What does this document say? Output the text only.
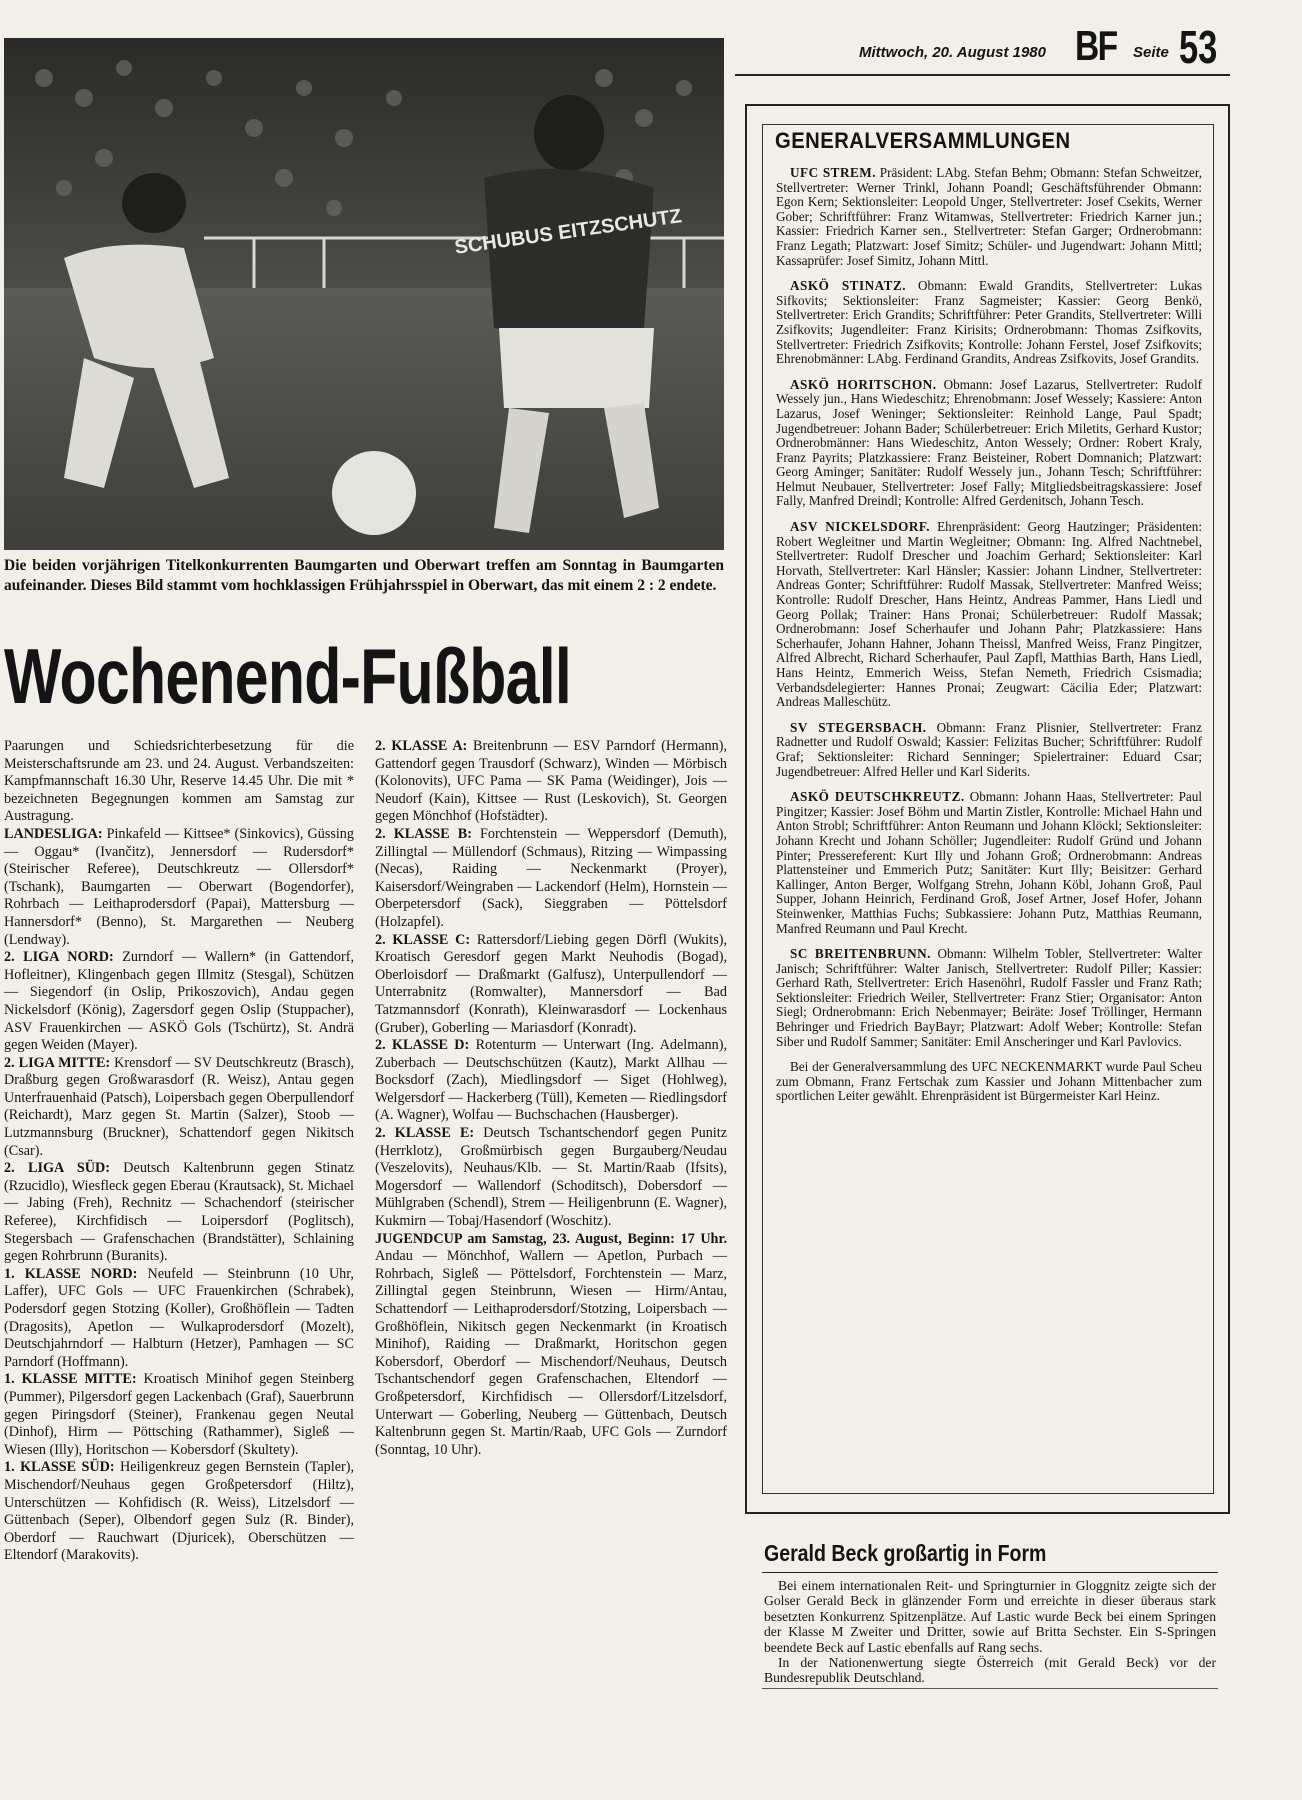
Mittwoch, 20. August 1980 BF Seite 53
SCHUBUS EITZSCHUTZ
Die beiden vorjährigen Titelkonkurrenten Baumgarten und Oberwart treffen am Sonntag in Baumgarten aufeinander. Dieses Bild stammt vom hochklassigen Frühjahrsspiel in Oberwart, das mit einem 2 : 2 endete.
Wochenend-Fußball

Paarungen und Schiedsrichterbesetzung für die Meisterschaftsrunde am 23. und 24. August. Verbandszeiten: Kampfmannschaft 16.30 Uhr, Reserve 14.45 Uhr. Die mit * bezeichneten Begegnungen kommen am Samstag zur Austragung.

LANDESLIGA: Pinkafeld — Kittsee* (Sinkovics), Güssing — Oggau* (Ivančitz), Jennersdorf — Rudersdorf* (Steirischer Referee), Deutschkreutz — Ollersdorf* (Tschank), Baumgarten — Oberwart (Bogendorfer), Rohrbach — Leithaprodersdorf (Papai), Mattersburg — Hannersdorf* (Benno), St. Margarethen — Neuberg (Lendway).

2. LIGA NORD: Zurndorf — Wallern* (in Gattendorf, Hofleitner), Klingenbach gegen Illmitz (Stesgal), Schützen — Siegendorf (in Oslip, Prikoszovich), Andau gegen Nickelsdorf (König), Zagersdorf gegen Oslip (Stuppacher), ASV Frauenkirchen — ASKÖ Gols (Tschürtz), St. Andrä gegen Weiden (Mayer).

2. LIGA MITTE: Krensdorf — SV Deutschkreutz (Brasch), Draßburg gegen Großwarasdorf (R. Weisz), Antau gegen Unterfrauenhaid (Patsch), Loipersbach gegen Oberpullendorf (Reichardt), Marz gegen St. Martin (Salzer), Stoob — Lutzmannsburg (Bruckner), Schattendorf gegen Nikitsch (Csar).

2. LIGA SÜD: Deutsch Kaltenbrunn gegen Stinatz (Rzucidlo), Wiesfleck gegen Eberau (Krautsack), St. Michael — Jabing (Freh), Rechnitz — Schachendorf (steirischer Referee), Kirchfidisch — Loipersdorf (Poglitsch), Stegersbach — Grafenschachen (Brandstätter), Schlaining gegen Rohrbrunn (Buranits).

1. KLASSE NORD: Neufeld — Steinbrunn (10 Uhr, Laffer), UFC Gols — UFC Frauenkirchen (Schrabek), Podersdorf gegen Stotzing (Koller), Großhöflein — Tadten (Dragosits), Apetlon — Wulkaprodersdorf (Mozelt), Deutschjahrndorf — Halbturn (Hetzer), Pamhagen — SC Parndorf (Hoffmann).

1. KLASSE MITTE: Kroatisch Minihof gegen Steinberg (Pummer), Pilgersdorf gegen Lackenbach (Graf), Sauerbrunn gegen Piringsdorf (Steiner), Frankenau gegen Neutal (Dinhof), Hirm — Pöttsching (Rathammer), Sigleß — Wiesen (Illy), Horitschon — Kobersdorf (Skultety).

1. KLASSE SÜD: Heiligenkreuz gegen Bernstein (Tapler), Mischendorf/Neuhaus gegen Großpetersdorf (Hiltz), Unterschützen — Kohfidisch (R. Weiss), Litzelsdorf — Güttenbach (Seper), Olbendorf gegen Sulz (R. Binder), Oberdorf — Rauchwart (Djuricek), Oberschützen — Eltendorf (Marakovits).

2. KLASSE A: Breitenbrunn — ESV Parndorf (Hermann), Gattendorf gegen Trausdorf (Schwarz), Winden — Mörbisch (Kolonovits), UFC Pama — SK Pama (Weidinger), Jois — Neudorf (Kain), Kittsee — Rust (Leskovich), St. Georgen gegen Mönchhof (Hofstädter).

2. KLASSE B: Forchtenstein — Weppersdorf (Demuth), Zillingtal — Müllendorf (Schmaus), Ritzing — Wimpassing (Necas), Raiding — Neckenmarkt (Proyer), Kaisersdorf/Weingraben — Lackendorf (Helm), Hornstein — Oberpetersdorf (Sack), Sieggraben — Pöttelsdorf (Holzapfel).

2. KLASSE C: Rattersdorf/Liebing gegen Dörfl (Wukits), Kroatisch Geresdorf gegen Markt Neuhodis (Bogad), Oberloisdorf — Draßmarkt (Galfusz), Unterpullendorf — Unterrabnitz (Romwalter), Mannersdorf — Bad Tatzmannsdorf (Konrath), Kleinwarasdorf — Lockenhaus (Gruber), Goberling — Mariasdorf (Konradt).

2. KLASSE D: Rotenturm — Unterwart (Ing. Adelmann), Zuberbach — Deutschschützen (Kautz), Markt Allhau — Bocksdorf (Zach), Miedlingsdorf — Siget (Hohlweg), Welgersdorf — Hackerberg (Tüll), Kemeten — Riedlingsdorf (A. Wagner), Wolfau — Buchschachen (Hausberger).

2. KLASSE E: Deutsch Tschantschendorf gegen Punitz (Herrklotz), Großmürbisch gegen Burgauberg/Neudau (Veszelovits), Neuhaus/Klb. — St. Martin/Raab (Ifsits), Mogersdorf — Wallendorf (Schoditsch), Dobersdorf — Mühlgraben (Schendl), Strem — Heiligenbrunn (E. Wagner), Kukmirn — Tobaj/Hasendorf (Woschitz).

JUGENDCUP am Samstag, 23. August, Beginn: 17 Uhr. Andau — Mönchhof, Wallern — Apetlon, Purbach — Rohrbach, Sigleß — Pöttelsdorf, Forchtenstein — Marz, Zillingtal gegen Steinbrunn, Wiesen — Hirm/Antau, Schattendorf — Leithaprodersdorf/Stotzing, Loipersbach — Großhöflein, Nikitsch gegen Neckenmarkt (in Kroatisch Minihof), Raiding — Draßmarkt, Horitschon gegen Kobersdorf, Oberdorf — Mischendorf/Neuhaus, Deutsch Tschantschendorf gegen Grafenschachen, Eltendorf — Großpetersdorf, Kirchfidisch — Ollersdorf/Litzelsdorf, Unterwart — Goberling, Neuberg — Güttenbach, Deutsch Kaltenbrunn gegen St. Martin/Raab, UFC Gols — Zurndorf (Sonntag, 10 Uhr).

GENERALVERSAMMLUNGEN

UFC STREM. Präsident: LAbg. Stefan Behm; Obmann: Stefan Schweitzer, Stellvertreter: Werner Trinkl, Johann Poandl; Geschäftsführender Obmann: Egon Kern; Sektionsleiter: Leopold Unger, Stellvertreter: Josef Csekits, Werner Gober; Schriftführer: Franz Witamwas, Stellvertreter: Friedrich Karner jun.; Kassier: Friedrich Karner sen., Stellvertreter: Stefan Garger; Ordnerobmann: Franz Legath; Platzwart: Josef Simitz; Schüler- und Jugendwart: Johann Mittl; Kassaprüfer: Josef Simitz, Johann Mittl.

ASKÖ STINATZ. Obmann: Ewald Grandits, Stellvertreter: Lukas Sifkovits; Sektionsleiter: Franz Sagmeister; Kassier: Georg Benkö, Stellvertreter: Erich Grandits; Schriftführer: Peter Grandits, Stellvertreter: Willi Zsifkovits; Jugendleiter: Franz Kirisits; Ordnerobmann: Thomas Zsifkovits, Stellvertreter: Friedrich Zsifkovits; Kontrolle: Johann Ferstel, Josef Zsifkovits; Ehrenobmänner: LAbg. Ferdinand Grandits, Andreas Zsifkovits, Josef Grandits.

ASKÖ HORITSCHON. Obmann: Josef Lazarus, Stellvertreter: Rudolf Wessely jun., Hans Wiedeschitz; Ehrenobmann: Josef Wessely; Kassiere: Anton Lazarus, Josef Weninger; Sektionsleiter: Reinhold Lange, Paul Spadt; Jugendbetreuer: Johann Bader; Schülerbetreuer: Erich Miletits, Gerhard Kustor; Ordnerobmänner: Hans Wiedeschitz, Anton Wessely; Ordner: Robert Kraly, Franz Payrits; Platzkassiere: Franz Beisteiner, Robert Domnanich; Platzwart: Georg Aminger; Sanitäter: Rudolf Wessely jun., Johann Tesch; Schriftführer: Helmut Neubauer, Stellvertreter: Josef Fally; Mitgliedsbeitragskassiere: Josef Fally, Manfred Dreindl; Kontrolle: Alfred Gerdenitsch, Johann Tesch.

ASV NICKELSDORF. Ehrenpräsident: Georg Hautzinger; Präsidenten: Robert Wegleitner und Martin Wegleitner; Obmann: Ing. Alfred Nachtnebel, Stellvertreter: Rudolf Drescher und Joachim Gerhard; Sektionsleiter: Karl Horvath, Stellvertreter: Karl Hänsler; Kassier: Johann Lindner, Stellvertreter: Andreas Gonter; Schriftführer: Rudolf Massak, Stellvertreter: Manfred Weiss; Kontrolle: Rudolf Drescher, Hans Heintz, Andreas Pammer, Hans Liedl und Georg Pollak; Trainer: Hans Pronai; Schülerbetreuer: Rudolf Massak; Ordnerobmann: Josef Scherhaufer und Johann Pahr; Platzkassiere: Hans Scherhaufer, Johann Hahner, Johann Theissl, Manfred Weiss, Franz Pingitzer, Alfred Albrecht, Richard Scherhaufer, Paul Zapfl, Matthias Barth, Hans Liedl, Hans Heintz, Emmerich Weiss, Stefan Nemeth, Friedrich Csismadia; Verbandsdelegierter: Hannes Pronai; Zeugwart: Cäcilia Eder; Platzwart: Andreas Malleschütz.

SV STEGERSBACH. Obmann: Franz Plisnier, Stellvertreter: Franz Radnetter und Rudolf Oswald; Kassier: Felizitas Bucher; Schriftführer: Rudolf Graf; Sektionsleiter: Richard Senninger; Spielertrainer: Eduard Csar; Jugendbetreuer: Alfred Heller und Karl Siderits.

ASKÖ DEUTSCHKREUTZ. Obmann: Johann Haas, Stellvertreter: Paul Pingitzer; Kassier: Josef Böhm und Martin Zistler, Kontrolle: Michael Hahn und Anton Strobl; Schriftführer: Anton Reumann und Johann Klöckl; Sektionsleiter: Johann Krecht und Johann Schöller; Jugendleiter: Rudolf Gründ und Johann Pinter; Pressereferent: Kurt Illy und Johann Groß; Ordnerobmann: Andreas Plattensteiner und Emmerich Putz; Sanitäter: Kurt Illy; Beisitzer: Gerhard Kallinger, Anton Berger, Wolfgang Strehn, Johann Köbl, Johann Groß, Paul Supper, Johann Heinrich, Ferdinand Groß, Josef Artner, Josef Hofer, Johann Steinwenker, Matthias Fuchs; Subkassiere: Johann Putz, Matthias Reumann, Manfred Reumann und Paul Krecht.

SC BREITENBRUNN. Obmann: Wilhelm Tobler, Stellvertreter: Walter Janisch; Schriftführer: Walter Janisch, Stellvertreter: Rudolf Piller; Kassier: Gerhard Rath, Stellvertreter: Erich Hasenöhrl, Rudolf Fassler und Franz Rath; Sektionsleiter: Friedrich Weiler, Stellvertreter: Franz Stier; Organisator: Anton Siegl; Ordnerobmann: Erich Nebenmayer; Beiräte: Josef Tröllinger, Hermann Behringer und Friedrich BayBayr; Platzwart: Adolf Weber; Kontrolle: Stefan Siber und Rudolf Sammer; Sanitäter: Emil Anscheringer und Karl Pavlovics.

Bei der Generalversammlung des UFC NECKENMARKT wurde Paul Scheu zum Obmann, Franz Fertschak zum Kassier und Johann Mittenbacher zum sportlichen Leiter gewählt. Ehrenpräsident ist Bürgermeister Karl Heinz.

Gerald Beck großartig in Form

Bei einem internationalen Reit- und Springturnier in Gloggnitz zeigte sich der Golser Gerald Beck in glänzender Form und erreichte in dieser überaus stark besetzten Konkurrenz Spitzenplätze. Auf Lastic wurde Beck bei einem Springen der Klasse M Zweiter und Dritter, sowie auf Britta Sechster. Ein S-Springen beendete Beck auf Lastic ebenfalls auf Rang sechs.

In der Nationenwertung siegte Österreich (mit Gerald Beck) vor der Bundesrepublik Deutschland.
